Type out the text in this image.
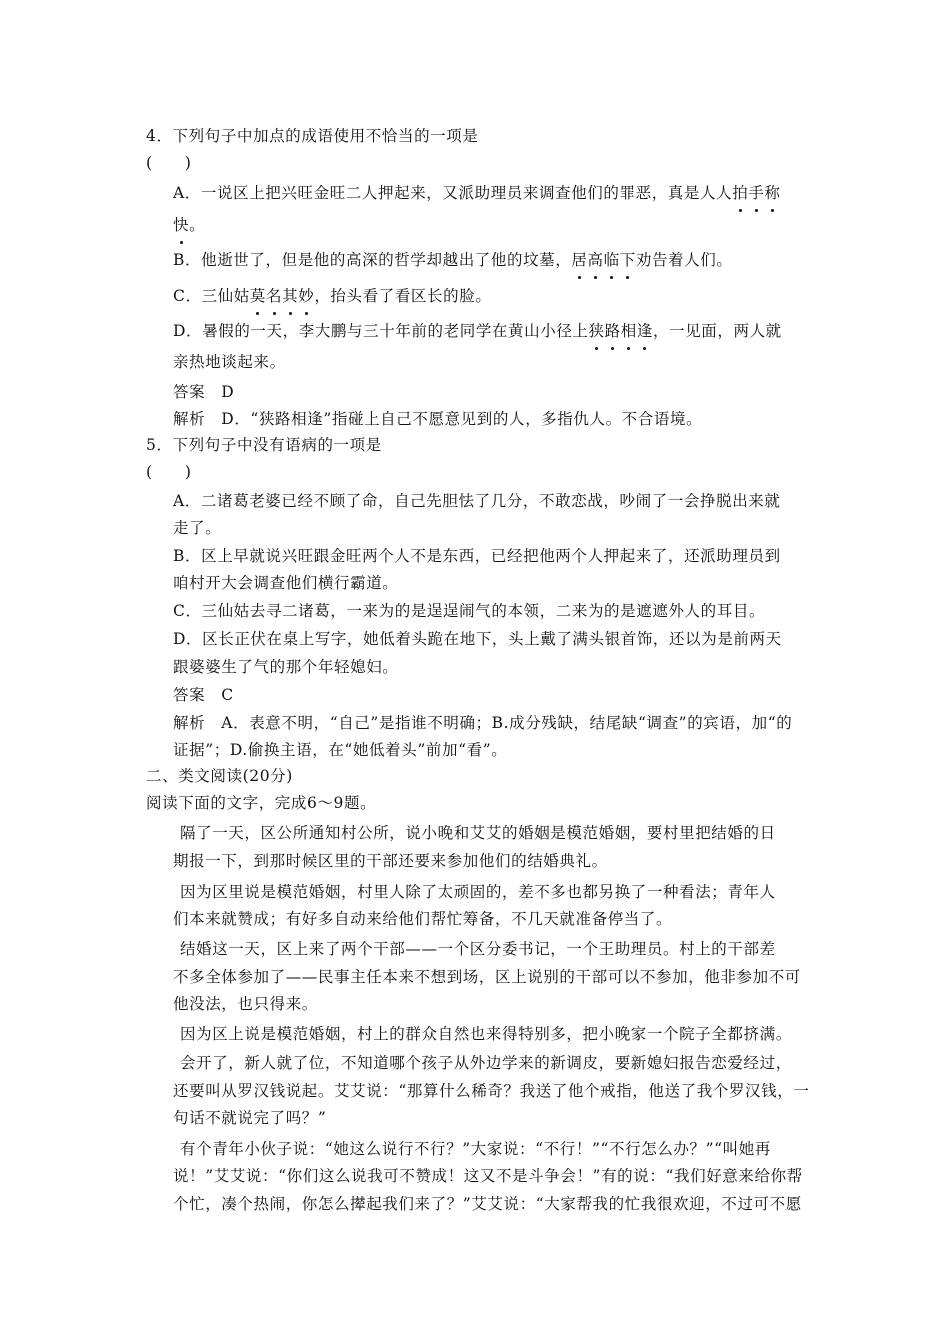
4．下列句子中加点的成语使用不恰当的一项是
(　　)
A．一说区上把兴旺金旺二人押起来，又派助理员来调查他们的罪恶，真是人人拍手称
快。
B．他逝世了，但是他的高深的哲学却越出了他的坟墓，居高临下劝告着人们。
C．三仙姑莫名其妙，抬头看了看区长的脸。
D．暑假的一天，李大鹏与三十年前的老同学在黄山小径上狭路相逢，一见面，两人就
亲热地谈起来。
答案　D
解析　D．“狭路相逢”指碰上自己不愿意见到的人，多指仇人。不合语境。
5．下列句子中没有语病的一项是
(　　)
A．二诸葛老婆已经不顾了命，自己先胆怯了几分，不敢恋战，吵闹了一会挣脱出来就
走了。
B．区上早就说兴旺跟金旺两个人不是东西，已经把他两个人押起来了，还派助理员到
咱村开大会调查他们横行霸道。
C．三仙姑去寻二诸葛，一来为的是逞逞闹气的本领，二来为的是遮遮外人的耳目。
D．区长正伏在桌上写字，她低着头跪在地下，头上戴了满头银首饰，还以为是前两天
跟婆婆生了气的那个年轻媳妇。
答案　C
解析　A．表意不明，“自己”是指谁不明确；B.成分残缺，结尾缺“调查”的宾语，加“的
证据”；D.偷换主语，在“她低着头”前加“看”。
二、类文阅读(20分)
阅读下面的文字，完成6～9题。
隔了一天，区公所通知村公所，说小晚和艾艾的婚姻是模范婚姻，要村里把结婚的日
期报一下，到那时候区里的干部还要来参加他们的结婚典礼。
因为区里说是模范婚姻，村里人除了太顽固的，差不多也都另换了一种看法；青年人
们本来就赞成；有好多自动来给他们帮忙筹备，不几天就准备停当了。
结婚这一天，区上来了两个干部——一个区分委书记，一个王助理员。村上的干部差
不多全体参加了——民事主任本来不想到场，区上说别的干部可以不参加，他非参加不可
他没法，也只得来。
因为区上说是模范婚姻，村上的群众自然也来得特别多，把小晚家一个院子全都挤满。
会开了，新人就了位，不知道哪个孩子从外边学来的新调皮，要新媳妇报告恋爱经过，
还要叫从罗汉钱说起。艾艾说：“那算什么稀奇？我送了他个戒指，他送了我个罗汉钱，一
句话不就说完了吗？”
有个青年小伙子说：“她这么说行不行？”大家说：“不行！”“不行怎么办？”“叫她再
说！”艾艾说：“你们这么说我可不赞成！这又不是斗争会！”有的说：“我们好意来给你帮
个忙，凑个热闹，你怎么撵起我们来了？”艾艾说：“大家帮我的忙我很欢迎，不过可不愿
